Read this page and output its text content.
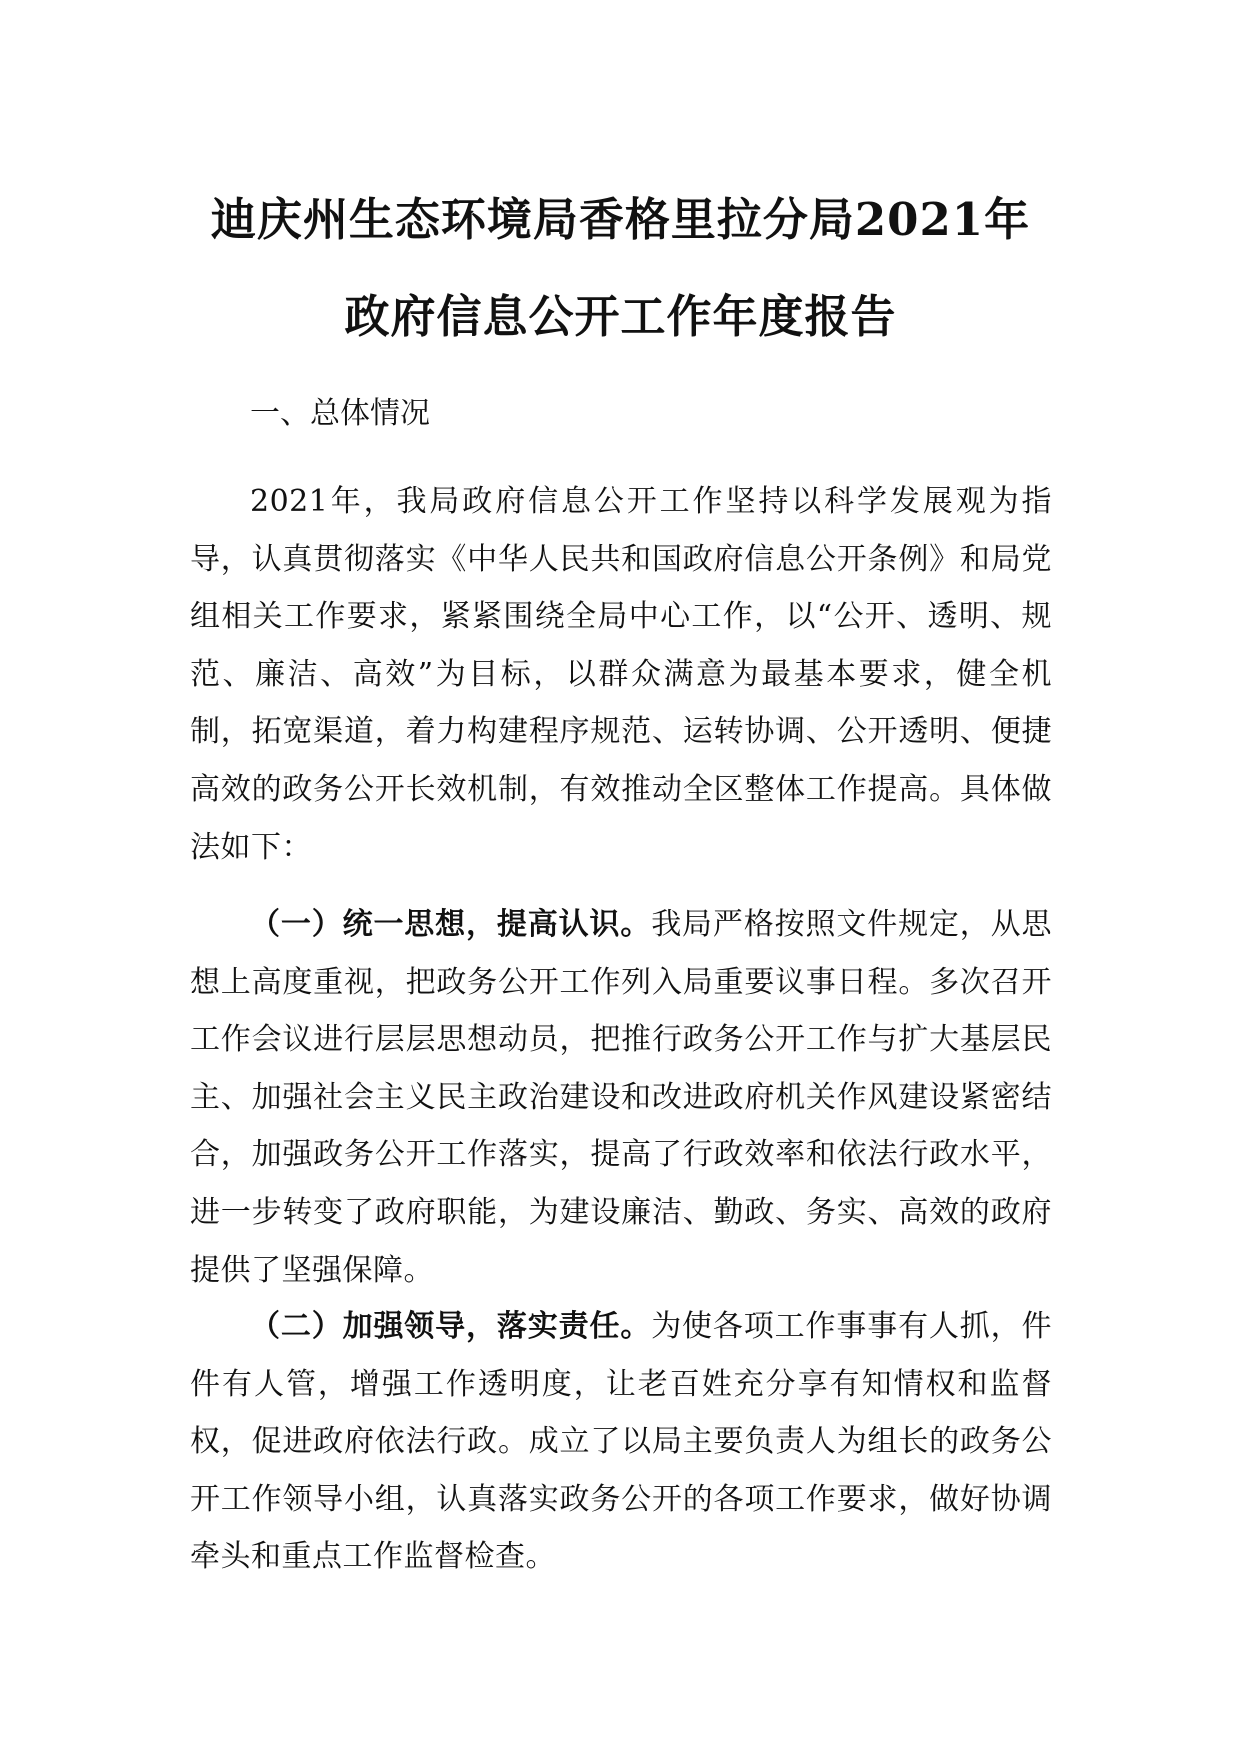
迪庆州生态环境局香格里拉分局2021年
政府信息公开工作年度报告
一、总体情况

2021年，我局政府信息公开工作坚持以科学发展观为指导，认真贯彻落实《中华人民共和国政府信息公开条例》和局党组相关工作要求，紧紧围绕全局中心工作，以“公开、透明、规范、廉洁、高效”为目标，以群众满意为最基本要求，健全机制，拓宽渠道，着力构建程序规范、运转协调、公开透明、便捷高效的政务公开长效机制，有效推动全区整体工作提高。具体做法如下：

（一）统一思想，提高认识。我局严格按照文件规定，从思想上高度重视，把政务公开工作列入局重要议事日程。多次召开工作会议进行层层思想动员，把推行政务公开工作与扩大基层民主、加强社会主义民主政治建设和改进政府机关作风建设紧密结合，加强政务公开工作落实，提高了行政效率和依法行政水平，进一步转变了政府职能，为建设廉洁、勤政、务实、高效的政府提供了坚强保障。

（二）加强领导，落实责任。为使各项工作事事有人抓，件件有人管，增强工作透明度，让老百姓充分享有知情权和监督权，促进政府依法行政。成立了以局主要负责人为组长的政务公开工作领导小组，认真落实政务公开的各项工作要求，做好协调牵头和重点工作监督检查。
